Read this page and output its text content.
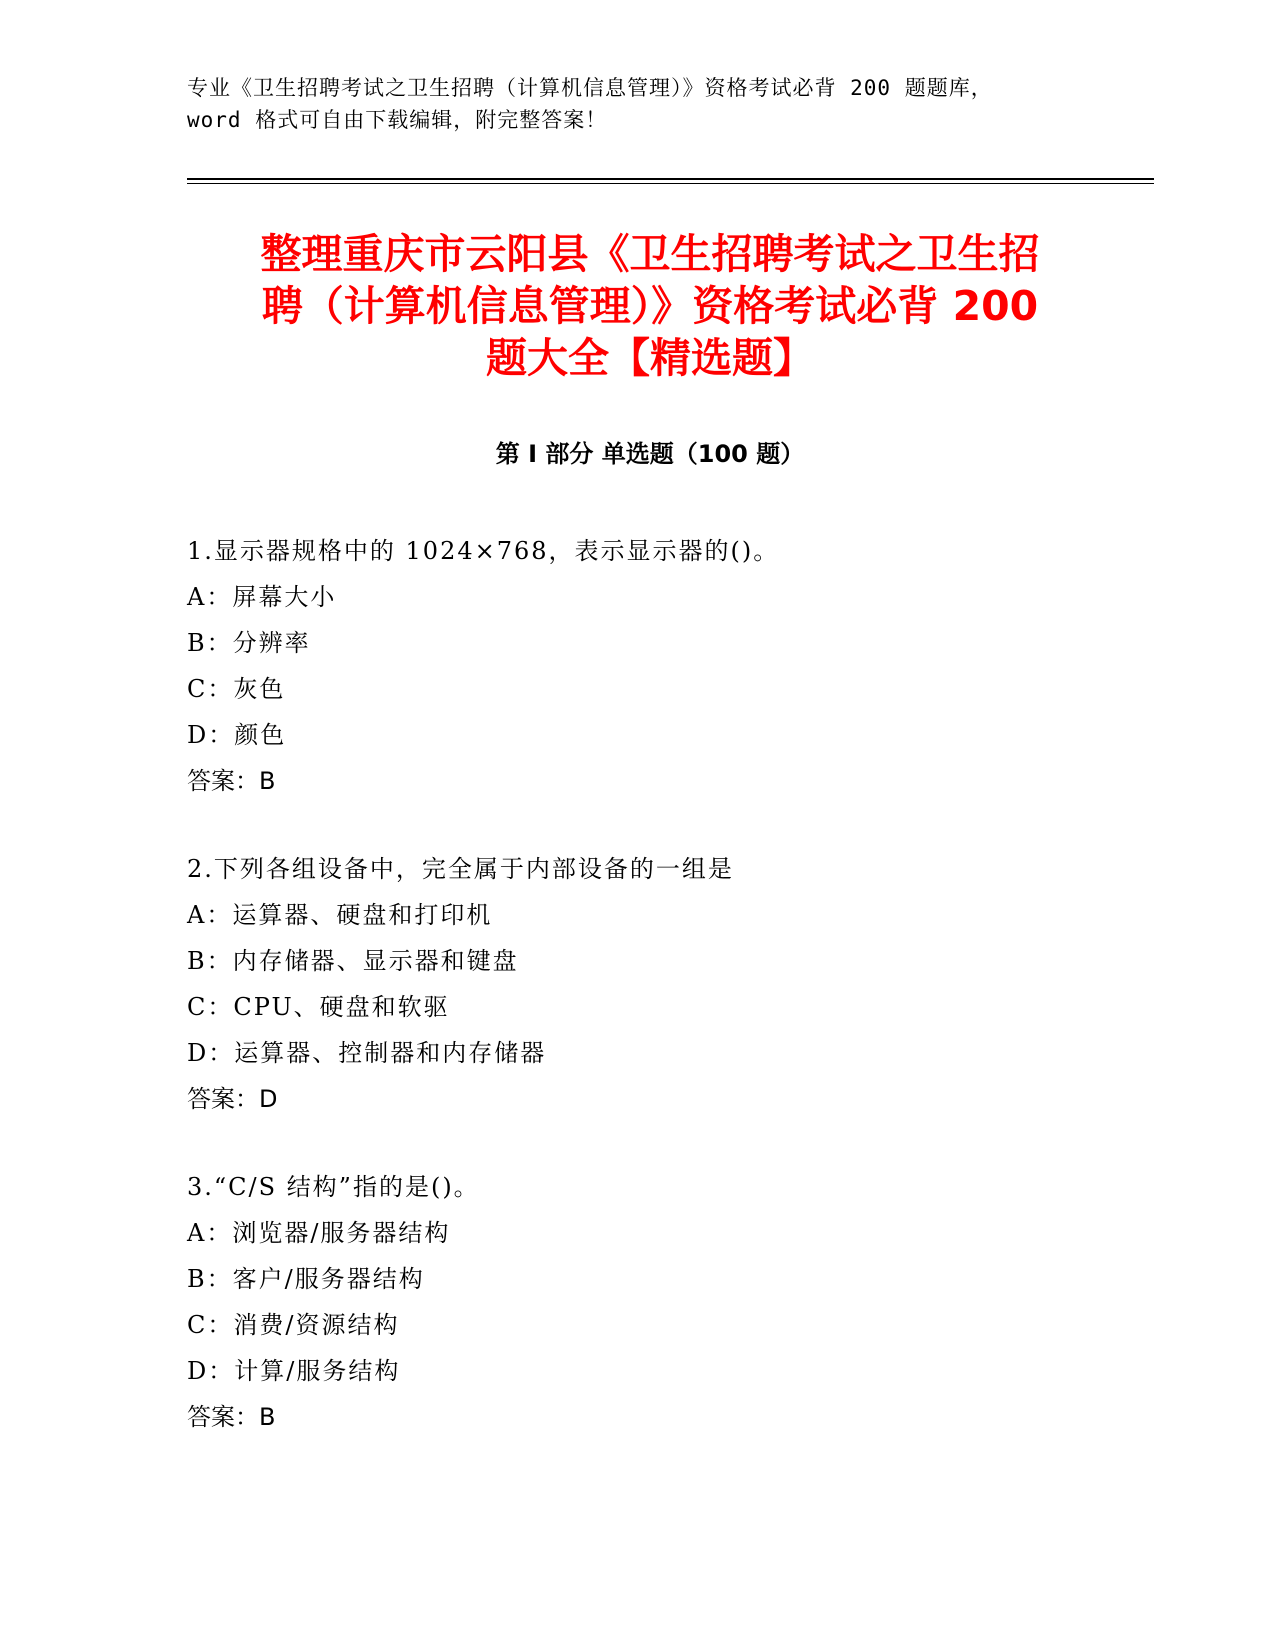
专业《卫生招聘考试之卫生招聘（计算机信息管理）》资格考试必背 200 题题库，
word 格式可自由下载编辑，附完整答案！
整理重庆市云阳县《卫生招聘考试之卫生招
聘（计算机信息管理）》资格考试必背 200
题大全【精选题】
第 I 部分 单选题（100 题）
1.显示器规格中的 1024×768，表示显示器的()。
A：屏幕大小
B：分辨率
C：灰色
D：颜色
答案：B
2.下列各组设备中，完全属于内部设备的一组是
A：运算器、硬盘和打印机
B：内存储器、显示器和键盘
C：CPU、硬盘和软驱
D：运算器、控制器和内存储器
答案：D
3.“C/S 结构”指的是()。
A：浏览器/服务器结构
B：客户/服务器结构
C：消费/资源结构
D：计算/服务结构
答案：B
